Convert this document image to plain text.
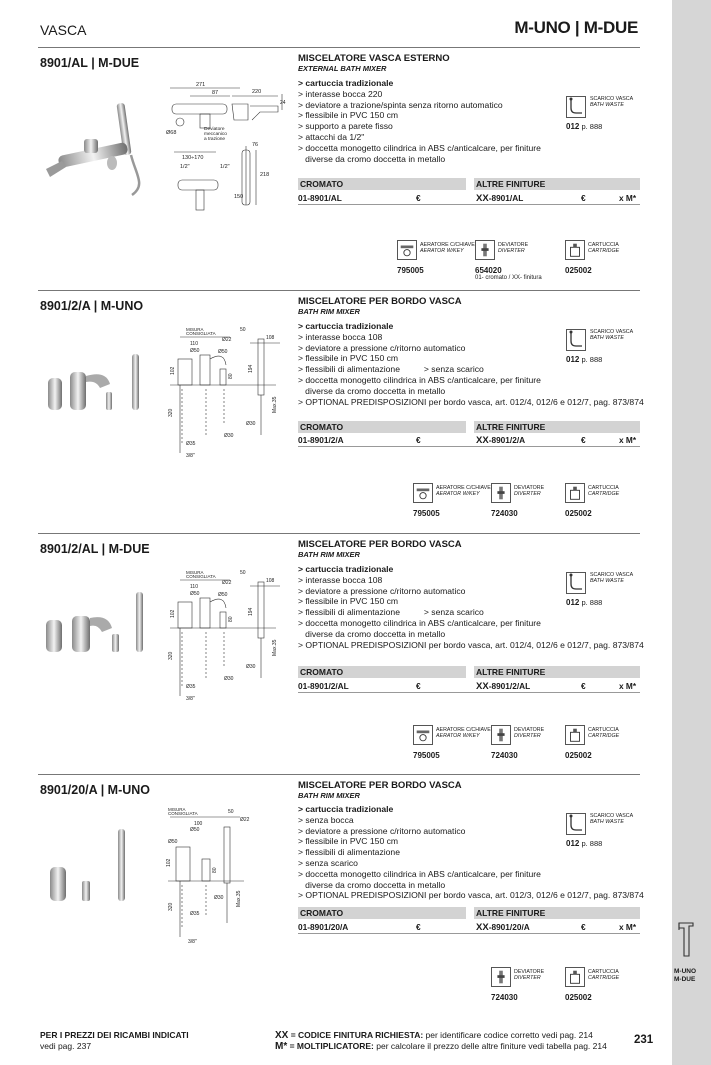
M-UNO
M-DUE
VASCA	M-UNO | M-DUE
8901/AL | M-DUE
271
220
87
24
Ø68
Deviatore
meccanico
a trazione
130÷170
1/2"	1/2"
76
218
150
MISCELATORE VASCA ESTERNO
EXTERNAL BATH MIXER
> cartuccia tradizionale
> interasse bocca 220
> deviatore a trazione/spinta senza ritorno automatico
> flessibile in PVC 150 cm
> supporto a parete fisso
> attacchi da 1/2"
> doccetta monogetto cilindrica in ABS c/anticalcare, per finiture
diverse da cromo doccetta in metallo
SCARICO VASCA
BATH WASTE
012 p. 888
CROMATO	ALTRE FINITURE
01-8901/AL	€	XX-8901/AL	€	x M*
AERATORE C/CHIAVE
AERATOR W/KEY
795005
DEVIATORE
DIVERTER
654020
01- cromato / XX- finitura
CARTUCCIA
CARTRIDGE
025002
8901/2/A | M-UNO
MISURA
CONSIGLIATA
50
108
Ø22
Ø50	Ø50
110
102	194
80
Max.35
Ø30
Ø30
320
Ø35
3/8"
MISCELATORE PER BORDO VASCA
BATH RIM MIXER
> cartuccia tradizionale
> interasse bocca 108
> deviatore a pressione c/ritorno automatico
> flessibile in PVC 150 cm
> flessibili di alimentazione          > senza scarico
> doccetta monogetto cilindrica in ABS c/anticalcare, per finiture
diverse da cromo doccetta in metallo
> OPTIONAL PREDISPOSIZIONI per bordo vasca, art. 012/4, 012/6 e 012/7, pag. 873/874
SCARICO VASCA
BATH WASTE
012 p. 888
CROMATO	ALTRE FINITURE
01-8901/2/A	€	XX-8901/2/A	€	x M*
AERATORE C/CHIAVE
AERATOR W/KEY
795005
DEVIATORE
DIVERTER
724030
CARTUCCIA
CARTRIDGE
025002
8901/2/AL | M-DUE
MISURA
CONSIGLIATA
50
108
Ø22
Ø50	Ø50
110
102	194
80
Max.35
Ø30
Ø30
320
Ø35
3/8"
MISCELATORE PER BORDO VASCA
BATH RIM MIXER
> cartuccia tradizionale
> interasse bocca 108
> deviatore a pressione c/ritorno automatico
> flessibile in PVC 150 cm
> flessibili di alimentazione          > senza scarico
> doccetta monogetto cilindrica in ABS c/anticalcare, per finiture
diverse da cromo doccetta in metallo
> OPTIONAL PREDISPOSIZIONI per bordo vasca, art. 012/4, 012/6 e 012/7, pag. 873/874
SCARICO VASCA
BATH WASTE
012 p. 888
CROMATO	ALTRE FINITURE
01-8901/2/AL	€	XX-8901/2/AL	€	x M*
AERATORE C/CHIAVE
AERATOR W/KEY
795005
DEVIATORE
DIVERTER
724030
CARTUCCIA
CARTRIDGE
025002
8901/20/A | M-UNO
MISURA
CONSIGLIATA	50
Ø22
Ø50
Ø50
100
102
80
Max.35
Ø30
Ø35
320
3/8"
MISCELATORE PER BORDO VASCA
BATH RIM MIXER
> cartuccia tradizionale
> senza bocca
> deviatore a pressione c/ritorno automatico
> flessibile in PVC 150 cm
> flessibili di alimentazione
> senza scarico
> doccetta monogetto cilindrica in ABS c/anticalcare, per finiture
diverse da cromo doccetta in metallo
> OPTIONAL PREDISPOSIZIONI per bordo vasca, art. 012/3, 012/6 e 012/7, pag. 873/874
SCARICO VASCA
BATH WASTE
012 p. 888
CROMATO	ALTRE FINITURE
01-8901/20/A	€	XX-8901/20/A	€	x M*
DEVIATORE
DIVERTER
724030
CARTUCCIA
CARTRIDGE
025002
PER I PREZZI DEI RICAMBI INDICATI
vedi pag. 237
XX = CODICE FINITURA RICHIESTA: per identificare codice corretto vedi pag. 214
M* = MOLTIPLICATORE: per calcolare il prezzo delle altre finiture vedi tabella pag. 214 231
